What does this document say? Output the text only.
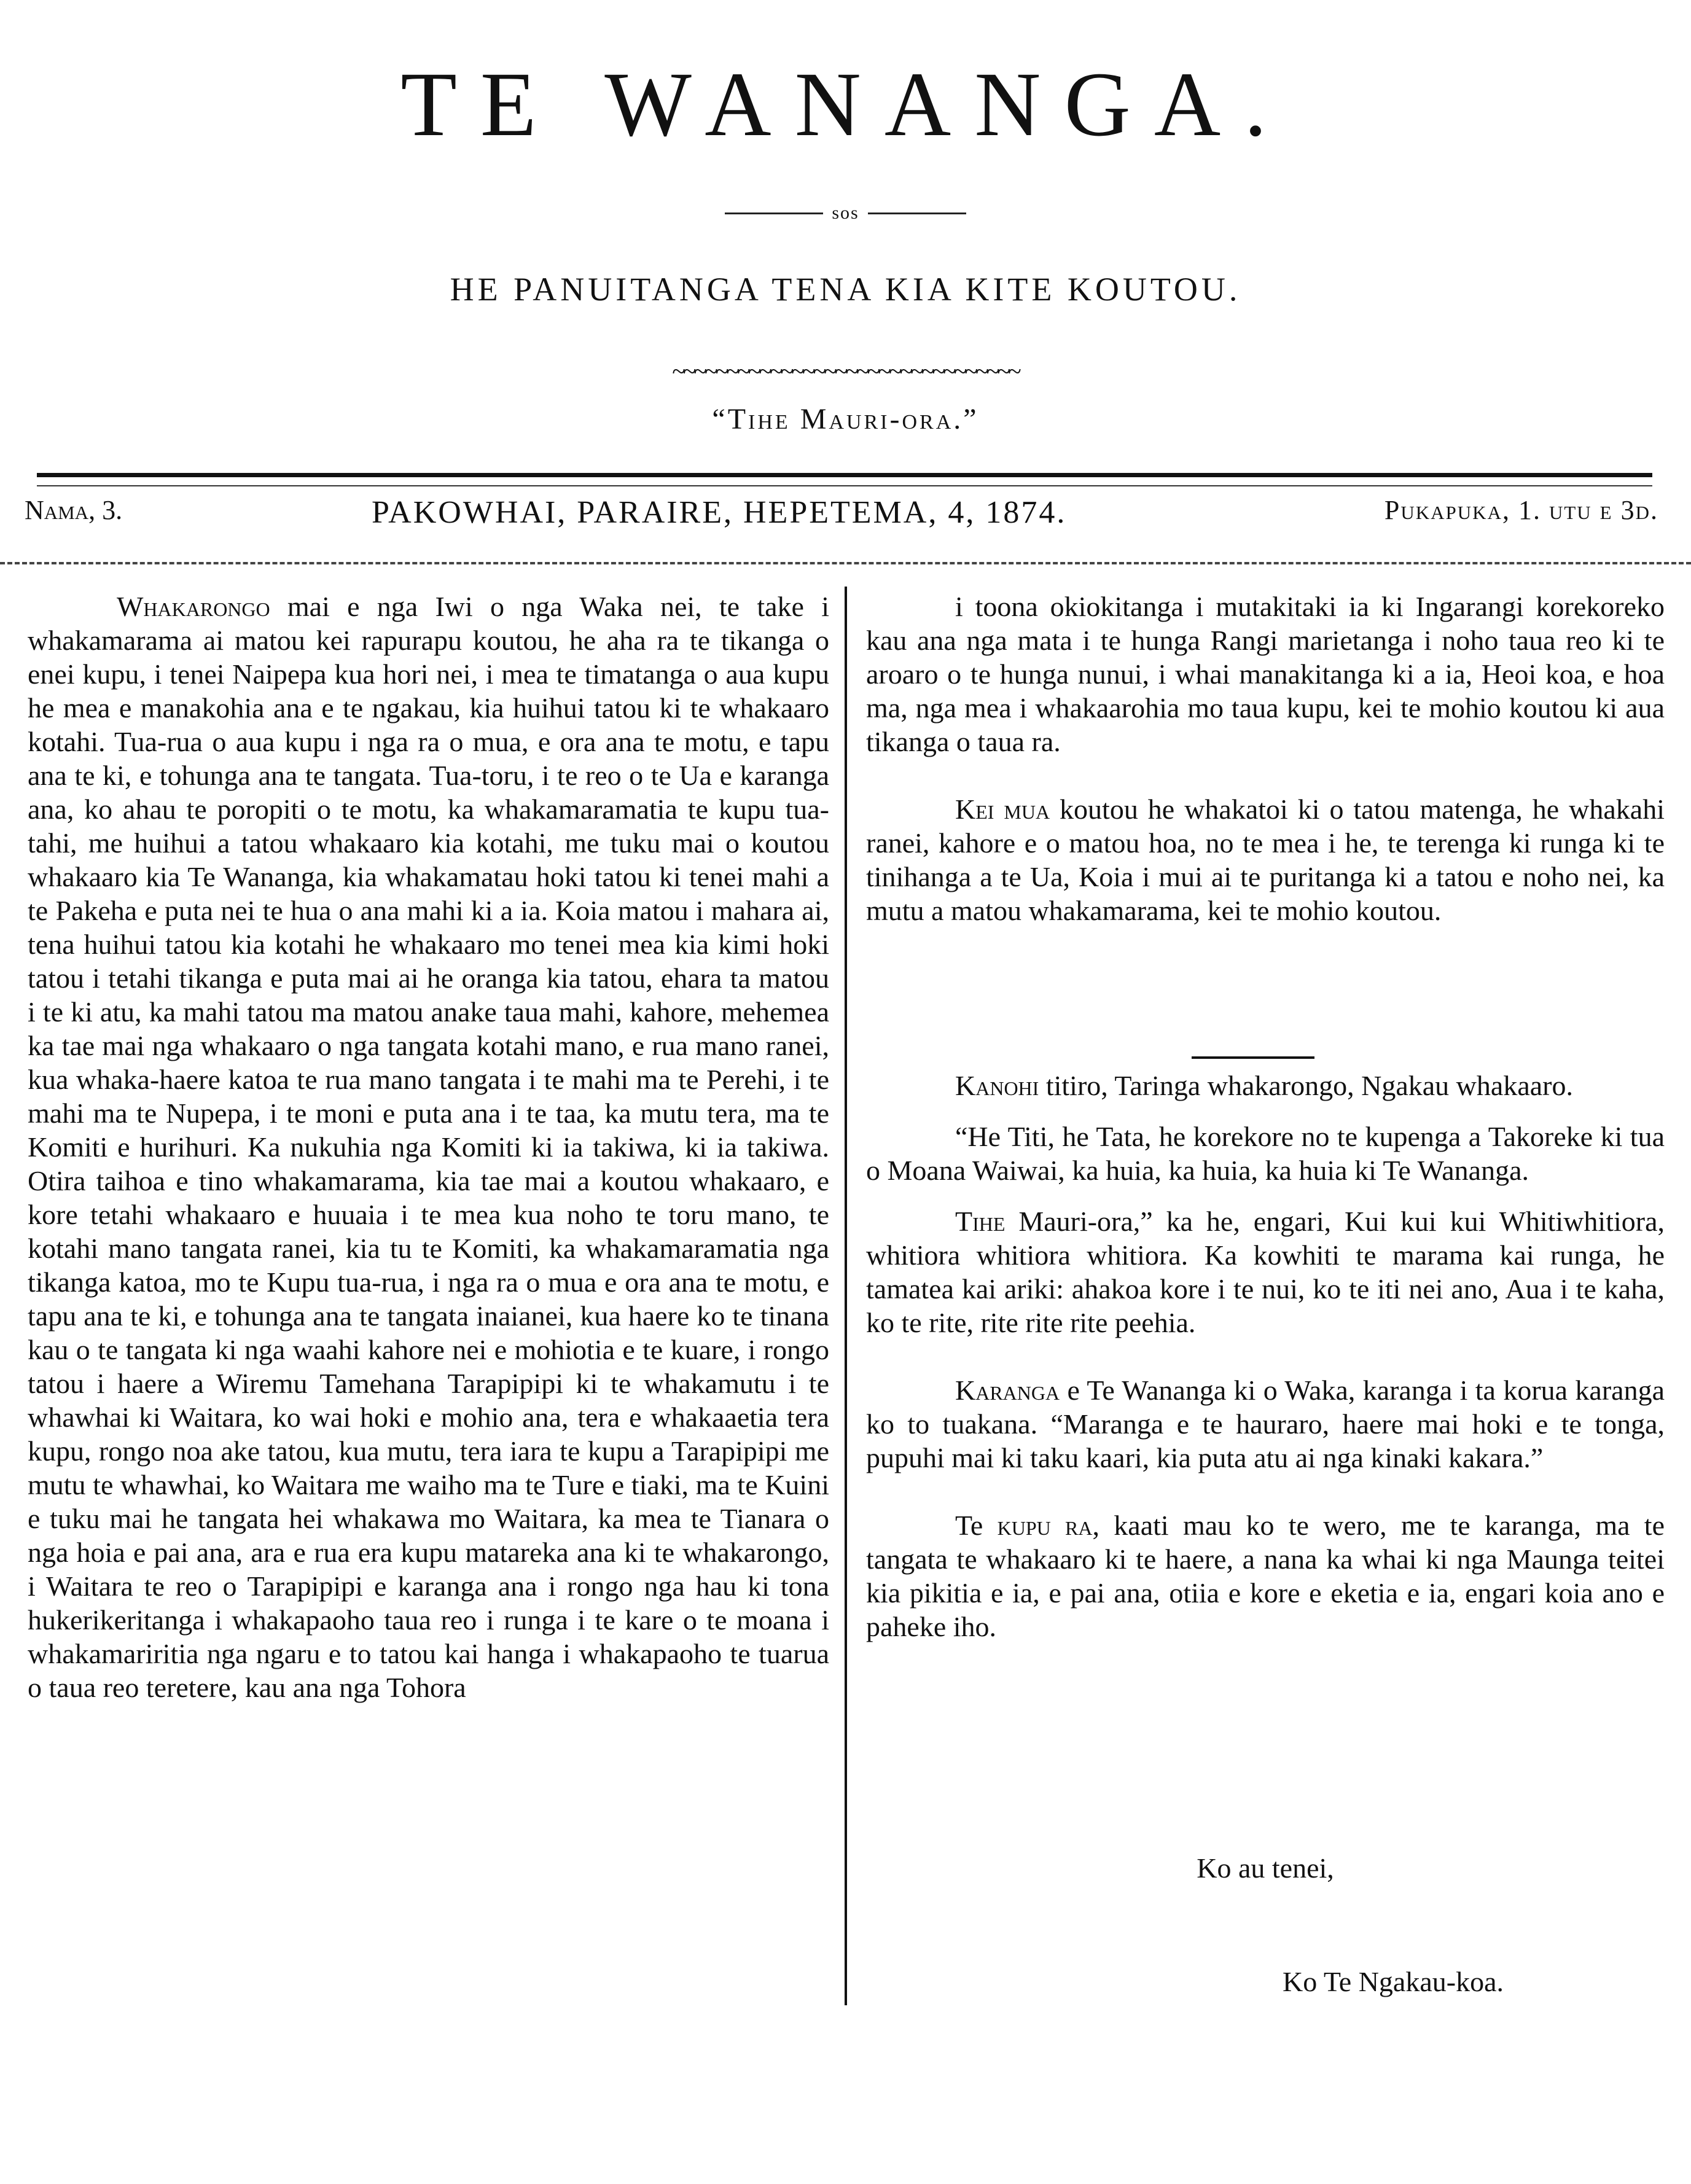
TE WANANGA.
sos
HE PANUITANGA TENA KIA KITE KOUTOU.
~~~~~~~~~~~~~~~~~~~~~~~~~~~~~~~~
“Tihe Mauri-ora.”
Nama, 3.	PAKOWHAI, PARAIRE, HEPETEMA, 4, 1874.	Pukapuka, 1. utu e 3d.

Whakarongo mai e nga Iwi o nga Waka nei, te take i whakamarama ai matou kei rapurapu koutou, he aha ra te tikanga o enei kupu, i tenei Naipepa kua hori nei, i mea te timatanga o aua kupu he mea e manakohia ana e te ngakau, kia huihui tatou ki te whakaaro kotahi. Tua-rua o aua kupu i nga ra o mua, e ora ana te motu, e tapu ana te ki, e tohunga ana te tangata. Tua-toru, i te reo o te Ua e karanga ana, ko ahau te poropiti o te motu, ka whakamaramatia te kupu tua-tahi, me huihui a tatou whakaaro kia kotahi, me tuku mai o koutou whakaaro kia Te Wananga, kia whakamatau hoki tatou ki tenei mahi a te Pakeha e puta nei te hua o ana mahi ki a ia. Koia matou i mahara ai, tena huihui tatou kia kotahi he whakaaro mo tenei mea kia kimi hoki tatou i tetahi tikanga e puta mai ai he oranga kia tatou, ehara ta matou i te ki atu, ka mahi tatou ma matou anake taua mahi, kahore, mehemea ka tae mai nga whakaaro o nga tangata kotahi mano, e rua mano ranei, kua whaka-haere katoa te rua mano tangata i te mahi ma te Perehi, i te mahi ma te Nupepa, i te moni e puta ana i te taa, ka mutu tera, ma te Komiti e hurihuri. Ka nukuhia nga Komiti ki ia takiwa, ki ia takiwa. Otira taihoa e tino whakamarama, kia tae mai a koutou whakaaro, e kore tetahi whakaaro e huuaia i te mea kua noho te toru mano, te kotahi mano tangata ranei, kia tu te Komiti, ka whakamaramatia nga tikanga katoa, mo te Kupu tua-rua, i nga ra o mua e ora ana te motu, e tapu ana te ki, e tohunga ana te tangata inaianei, kua haere ko te tinana kau o te tangata ki nga waahi kahore nei e mohiotia e te kuare, i rongo tatou i haere a Wiremu Tamehana Tarapipipi ki te whakamutu i te whawhai ki Waitara, ko wai hoki e mohio ana, tera e whakaaetia tera kupu, rongo noa ake tatou, kua mutu, tera iara te kupu a Tarapipipi me mutu te whawhai, ko Waitara me waiho ma te Ture e tiaki, ma te Kuini e tuku mai he tangata hei whakawa mo Waitara, ka mea te Tianara o nga hoia e pai ana, ara e rua era kupu matareka ana ki te whakarongo, i Waitara te reo o Tarapipipi e karanga ana i rongo nga hau ki tona hukerikeritanga i whakapaoho taua reo i runga i te kare o te moana i whakamariritia nga ngaru e to tatou kai hanga i whakapaoho te tuarua o taua reo teretere, kau ana nga Tohora

i toona okiokitanga i mutakitaki ia ki Ingarangi korekoreko kau ana nga mata i te hunga Rangi marietanga i noho taua reo ki te aroaro o te hunga nunui, i whai manakitanga ki a ia, Heoi koa, e hoa ma, nga mea i whakaarohia mo taua kupu, kei te mohio koutou ki aua tikanga o taua ra.

Kei mua koutou he whakatoi ki o tatou matenga, he whakahi ranei, kahore e o matou hoa, no te mea i he, te terenga ki runga ki te tinihanga a te Ua, Koia i mui ai te puritanga ki a tatou e noho nei, ka mutu a matou whakamarama, kei te mohio koutou.

Kanohi titiro, Taringa whakarongo, Ngakau whakaaro.

“He Titi, he Tata, he korekore no te kupenga a Takoreke ki tua o Moana Waiwai, ka huia, ka huia, ka huia ki Te Wananga.

Tihe Mauri-ora,” ka he, engari, Kui kui kui Whitiwhitiora, whitiora whitiora whitiora. Ka kowhiti te marama kai runga, he tamatea kai ariki: ahakoa kore i te nui, ko te iti nei ano, Aua i te kaha, ko te rite, rite rite rite peehia.

Karanga e Te Wananga ki o Waka, karanga i ta korua karanga ko to tuakana. “Maranga e te hauraro, haere mai hoki e te tonga, pupuhi mai ki taku kaari, kia puta atu ai nga kinaki kakara.”

Te kupu ra, kaati mau ko te wero, me te karanga, ma te tangata te whakaaro ki te haere, a nana ka whai ki nga Maunga teitei kia pikitia e ia, e pai ana, otiia e kore e eketia e ia, engari koia ano e paheke iho.

Ko au tenei,
Ko Te Ngakau-koa.
